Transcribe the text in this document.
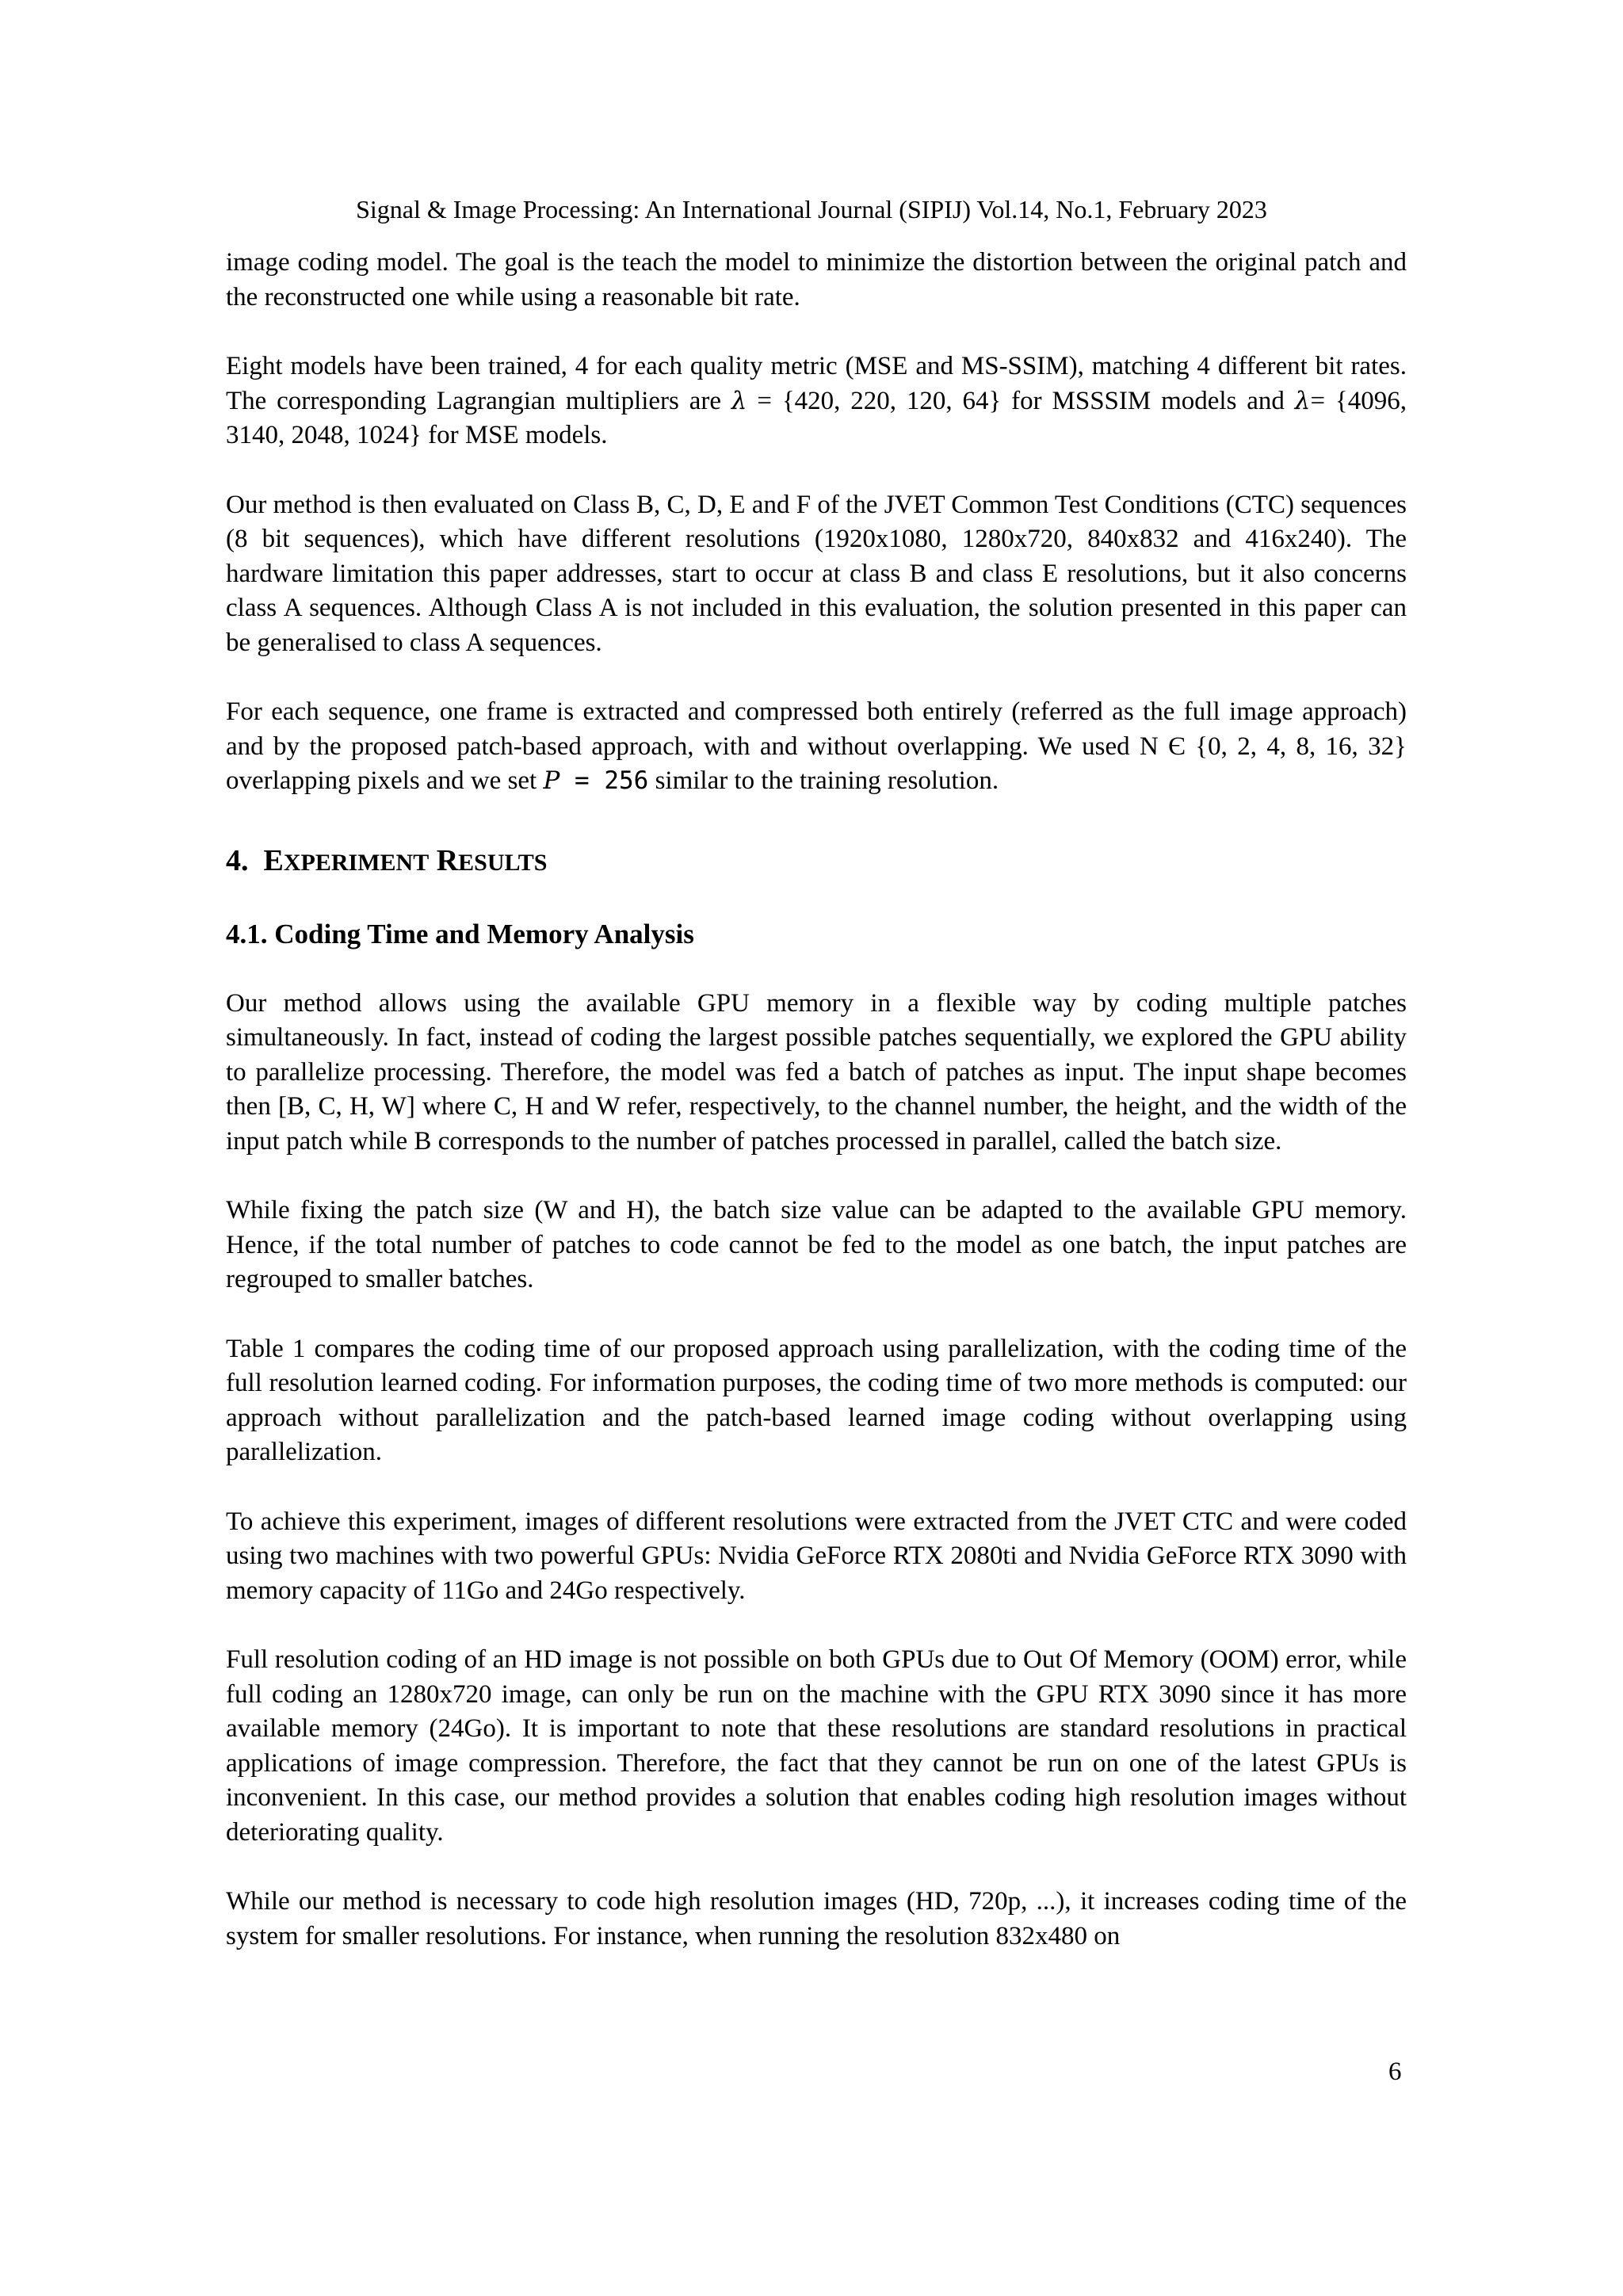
Signal & Image Processing: An International Journal (SIPIJ) Vol.14, No.1, February 2023

image coding model. The goal is the teach the model to minimize the distortion between the original patch and the reconstructed one while using a reasonable bit rate.

Eight models have been trained, 4 for each quality metric (MSE and MS-SSIM), matching 4 different bit rates. The corresponding Lagrangian multipliers are λ = {420, 220, 120, 64} for MSSSIM models and λ= {4096, 3140, 2048, 1024} for MSE models.

Our method is then evaluated on Class B, C, D, E and F of the JVET Common Test Conditions (CTC) sequences (8 bit sequences), which have different resolutions (1920x1080, 1280x720, 840x832 and 416x240). The hardware limitation this paper addresses, start to occur at class B and class E resolutions, but it also concerns class A sequences. Although Class A is not included in this evaluation, the solution presented in this paper can be generalised to class A sequences.

For each sequence, one frame is extracted and compressed both entirely (referred as the full image approach) and by the proposed patch-based approach, with and without overlapping. We used N Є {0, 2, 4, 8, 16, 32} overlapping pixels and we set P = 256 similar to the training resolution.

4. EXPERIMENT RESULTS
4.1. Coding Time and Memory Analysis

Our method allows using the available GPU memory in a flexible way by coding multiple patches simultaneously. In fact, instead of coding the largest possible patches sequentially, we explored the GPU ability to parallelize processing. Therefore, the model was fed a batch of patches as input. The input shape becomes then [B, C, H, W] where C, H and W refer, respectively, to the channel number, the height, and the width of the input patch while B corresponds to the number of patches processed in parallel, called the batch size.

While fixing the patch size (W and H), the batch size value can be adapted to the available GPU memory. Hence, if the total number of patches to code cannot be fed to the model as one batch, the input patches are regrouped to smaller batches.

Table 1 compares the coding time of our proposed approach using parallelization, with the coding time of the full resolution learned coding. For information purposes, the coding time of two more methods is computed: our approach without parallelization and the patch-based learned image coding without overlapping using parallelization.

To achieve this experiment, images of different resolutions were extracted from the JVET CTC and were coded using two machines with two powerful GPUs: Nvidia GeForce RTX 2080ti and Nvidia GeForce RTX 3090 with memory capacity of 11Go and 24Go respectively.

Full resolution coding of an HD image is not possible on both GPUs due to Out Of Memory (OOM) error, while full coding an 1280x720 image, can only be run on the machine with the GPU RTX 3090 since it has more available memory (24Go). It is important to note that these resolutions are standard resolutions in practical applications of image compression. Therefore, the fact that they cannot be run on one of the latest GPUs is inconvenient. In this case, our method provides a solution that enables coding high resolution images without deteriorating quality.

While our method is necessary to code high resolution images (HD, 720p, ...), it increases coding time of the system for smaller resolutions. For instance, when running the resolution 832x480 on

6
